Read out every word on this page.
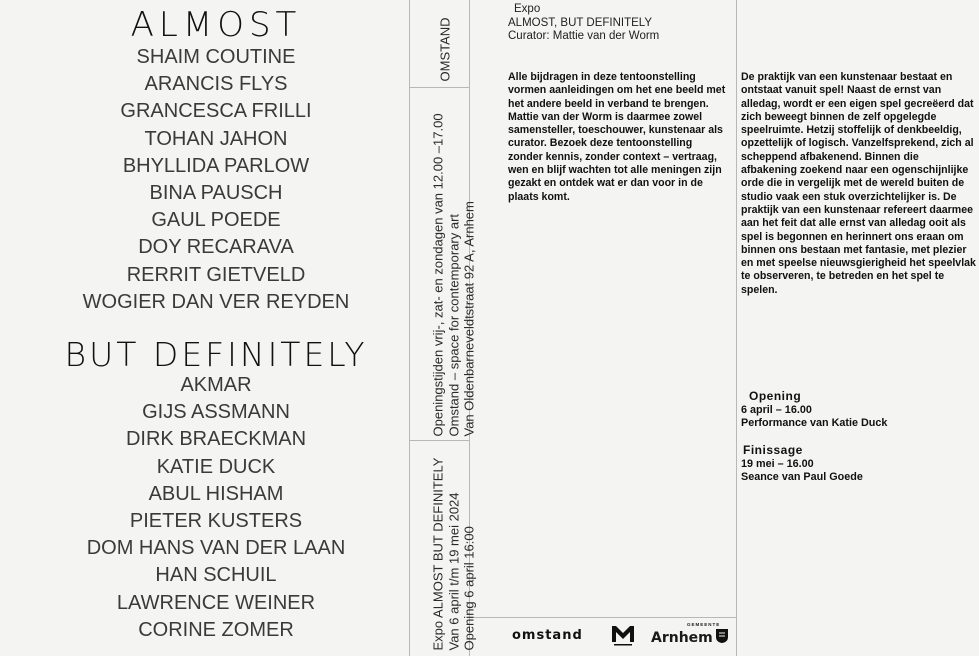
ALMOST
SHAIM COUTINE
ARANCIS FLYS
GRANCESCA FRILLI
TOHAN JAHON
BHYLLIDA PARLOW
BINA PAUSCH
GAUL POEDE
DOY RECARAVA
RERRIT GIETVELD
WOGIER DAN VER REYDEN
BUT DEFINITELY
AKMAR
GIJS ASSMANN
DIRK BRAECKMAN
KATIE DUCK
ABUL HISHAM
PIETER KUSTERS
DOM HANS VAN DER LAAN
HAN SCHUIL
LAWRENCE WEINER
CORINE ZOMER
OMSTAND
Openingstijden vrij-, zat- en zondagen van 12.00 –17.00 Omstand – space for contemporary art Van Oldenbarneveldtstraat 92 A, Arnhem
Expo ALMOST BUT DEFINITELY Van 6 april t/m 19 mei 2024 Opening 6 april 16:00
Expo
ALMOST, BUT DEFINITELY
Curator: Mattie van der Worm
Alle bijdragen in deze tentoonstelling vormen aanleidingen om het ene beeld met het andere beeld in verband te brengen. Mattie van der Worm is daarmee zowel samensteller, toeschouwer, kunstenaar als curator. Bezoek deze tentoonstelling zonder kennis, zonder context – vertraag, wen en blijf wachten tot alle meningen zijn gezakt en ontdek wat er dan voor in de plaats komt.
De praktijk van een kunstenaar bestaat en ontstaat vanuit spel! Naast de ernst van alledag, wordt er een eigen spel gecreëerd dat zich beweegt binnen de zelf opgelegde speelruimte. Hetzij stoffelijk of denkbeeldig, opzettelijk of logisch. Vanzelfsprekend, zich al scheppend afbakenend. Binnen die afbakening zoekend naar een ogenschijnlijke orde die in vergelijk met de wereld buiten de studio vaak een stuk overzichtelijker is. De praktijk van een kunstenaar refereert daarmee aan het feit dat alle ernst van alledag ooit als spel is begonnen en herinnert ons eraan om binnen ons bestaan met fantasie, met plezier en met speelse nieuwsgierigheid het speelvlak te observeren, te betreden en het spel te spelen.
Opening
6 april – 16.00
Performance van Katie Duck
Finissage
19 mei – 16.00
Seance van Paul Goede
omstand
GEMEENTE
Arnhem
